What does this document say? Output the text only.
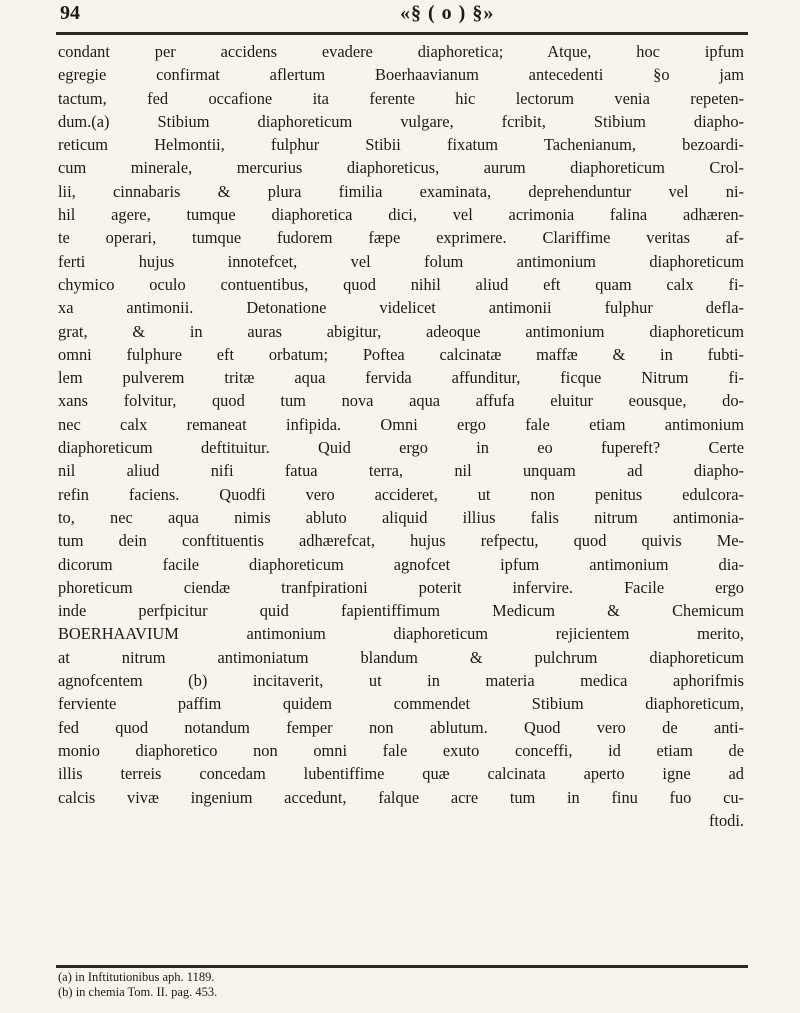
94	«§ ( o ) §»
condant per accidens evadere diaphoretica; Atque, hoc ipfum
egregie confirmat aflertum Boerhaavianum antecedenti §o jam
tactum, fed occafione ita ferente hic lectorum venia repeten-
dum.(a) Stibium diaphoreticum vulgare, fcribit, Stibium diapho-
reticum Helmontii, fulphur Stibii fixatum Tachenianum, bezoardi-
cum minerale, mercurius diaphoreticus, aurum diaphoreticum Crol-
lii, cinnabaris & plura fimilia examinata, deprehenduntur vel ni-
hil agere, tumque diaphoretica dici, vel acrimonia falina adhæren-
te operari, tumque fudorem fæpe exprimere. Clariffime veritas af-
ferti hujus innotefcet, vel folum antimonium diaphoreticum
chymico oculo contuentibus, quod nihil aliud eft quam calx fi-
xa antimonii. Detonatione videlicet antimonii fulphur defla-
grat, & in auras abigitur, adeoque antimonium diaphoreticum
omni fulphure eft orbatum; Poftea calcinatæ maffæ & in fubti-
lem pulverem tritæ aqua fervida affunditur, ficque Nitrum fi-
xans folvitur, quod tum nova aqua affufa eluitur eousque, do-
nec calx remaneat infipida. Omni ergo fale etiam antimonium
diaphoreticum deftituitur. Quid ergo in eo fupereft? Certe
nil aliud nifi fatua terra, nil unquam ad diapho-
refin faciens. Quodfi vero accideret, ut non penitus edulcora-
to, nec aqua nimis abluto aliquid illius falis nitrum antimonia-
tum dein conftituentis adhærefcat, hujus refpectu, quod quivis Me-
dicorum facile diaphoreticum agnofcet ipfum antimonium dia-
phoreticum ciendæ tranfpirationi poterit infervire. Facile ergo
inde perfpicitur quid fapientiffimum Medicum & Chemicum
BOERHAAVIUM antimonium diaphoreticum rejicientem merito,
at nitrum antimoniatum blandum & pulchrum diaphoreticum
agnofcentem (b) incitaverit, ut in materia medica aphorifmis
ferviente paffim quidem commendet Stibium diaphoreticum,
fed quod notandum femper non ablutum. Quod vero de anti-
monio diaphoretico non omni fale exuto conceffi, id etiam de
illis terreis concedam lubentiffime quæ calcinata aperto igne ad
calcis vivæ ingenium accedunt, falque acre tum in finu fuo cu-
ftodi.
(a) in Inftitutionibus aph. 1189.
(b) in chemia Tom. II. pag. 453.
